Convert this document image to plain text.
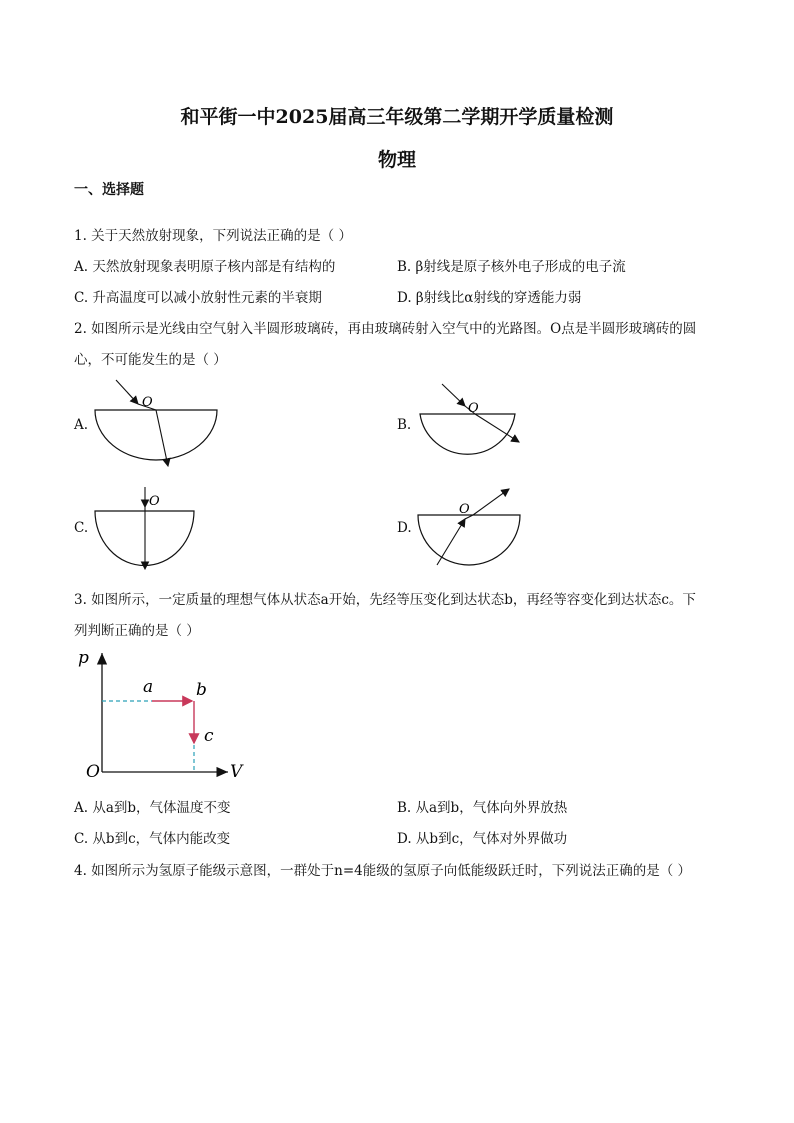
和平街一中2025届高三年级第二学期开学质量检测
物理
一、选择题
1. 关于天然放射现象，下列说法正确的是（ ）
A. 天然放射现象表明原子核内部是有结构的	B. β射线是原子核外电子形成的电子流
C. 升高温度可以减小放射性元素的半衰期	D. β射线比α射线的穿透能力弱
2. 如图所示是光线由空气射入半圆形玻璃砖，再由玻璃砖射入空气中的光路图。O点是半圆形玻璃砖的圆
心，不可能发生的是（ ）
A.	B.
C.	D.
O	O
O
O
3. 如图所示，一定质量的理想气体从状态a开始，先经等压变化到达状态b，再经等容变化到达状态c。下
列判断正确的是（ ）
p
V
O
a	b
c
A. 从a到b，气体温度不变	B. 从a到b，气体向外界放热
C. 从b到c，气体内能改变	D. 从b到c，气体对外界做功
4. 如图所示为氢原子能级示意图，一群处于n=4能级的氢原子向低能级跃迁时，下列说法正确的是（ ）
